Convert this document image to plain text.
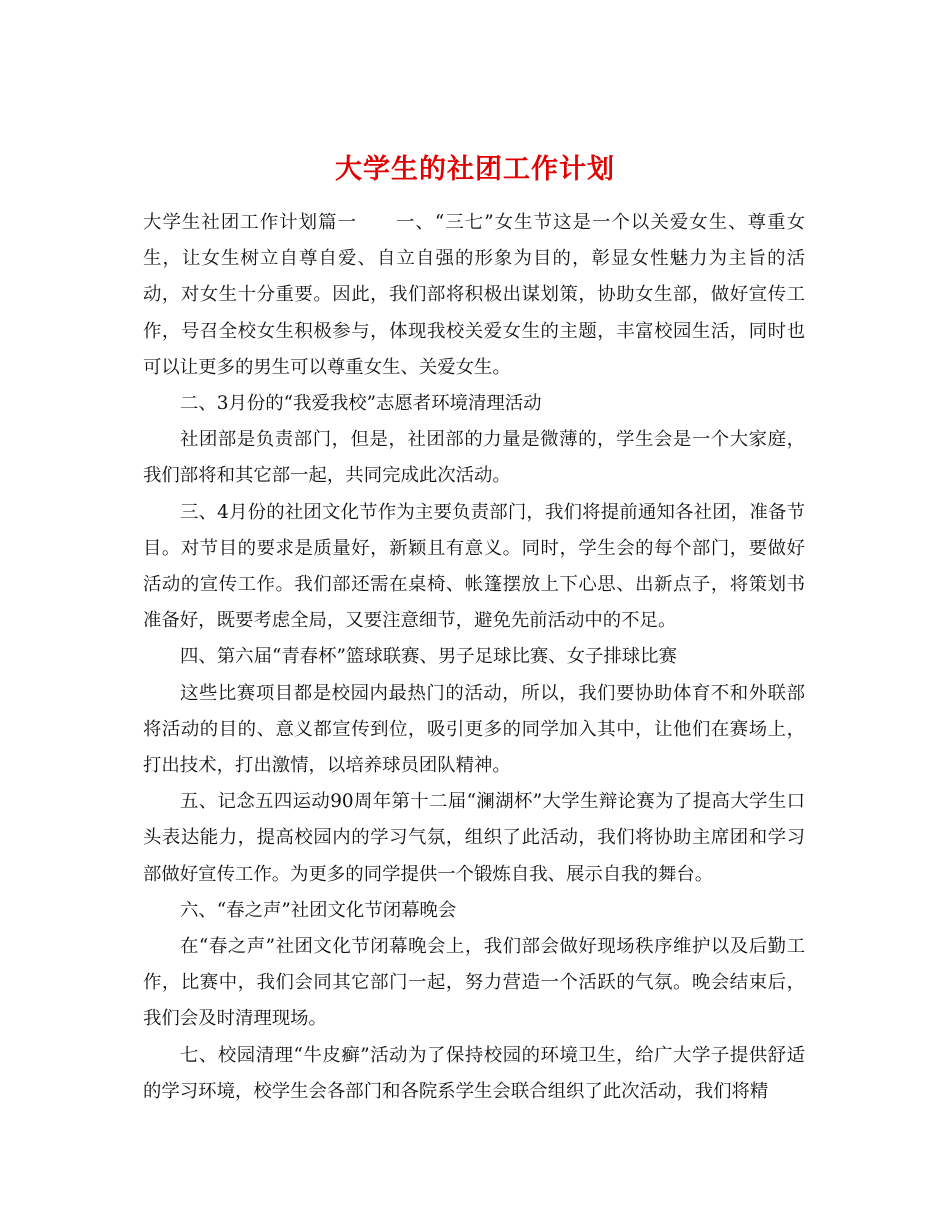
大学生的社团工作计划

大学生社团工作计划篇一　　一、“三七”女生节这是一个以关爱女生、尊重女生，让女生树立自尊自爱、自立自强的形象为目的，彰显女性魅力为主旨的活动，对女生十分重要。因此，我们部将积极出谋划策，协助女生部，做好宣传工作，号召全校女生积极参与，体现我校关爱女生的主题，丰富校园生活，同时也可以让更多的男生可以尊重女生、关爱女生。

二、3月份的“我爱我校”志愿者环境清理活动

社团部是负责部门，但是，社团部的力量是微薄的，学生会是一个大家庭，我们部将和其它部一起，共同完成此次活动。

三、4月份的社团文化节作为主要负责部门，我们将提前通知各社团，准备节目。对节目的要求是质量好，新颖且有意义。同时，学生会的每个部门，要做好活动的宣传工作。我们部还需在桌椅、帐篷摆放上下心思、出新点子，将策划书准备好，既要考虑全局，又要注意细节，避免先前活动中的不足。

四、第六届“青春杯”篮球联赛、男子足球比赛、女子排球比赛

这些比赛项目都是校园内最热门的活动，所以，我们要协助体育不和外联部将活动的目的、意义都宣传到位，吸引更多的同学加入其中，让他们在赛场上，打出技术，打出激情，以培养球员团队精神。

五、记念五四运动90周年第十二届“澜湖杯”大学生辩论赛为了提高大学生口头表达能力，提高校园内的学习气氛，组织了此活动，我们将协助主席团和学习部做好宣传工作。为更多的同学提供一个锻炼自我、展示自我的舞台。

六、“春之声”社团文化节闭幕晚会

在“春之声”社团文化节闭幕晚会上，我们部会做好现场秩序维护以及后勤工作，比赛中，我们会同其它部门一起，努力营造一个活跃的气氛。晚会结束后，我们会及时清理现场。

七、校园清理“牛皮癣”活动为了保持校园的环境卫生，给广大学子提供舒适的学习环境，校学生会各部门和各院系学生会联合组织了此次活动，我们将精
